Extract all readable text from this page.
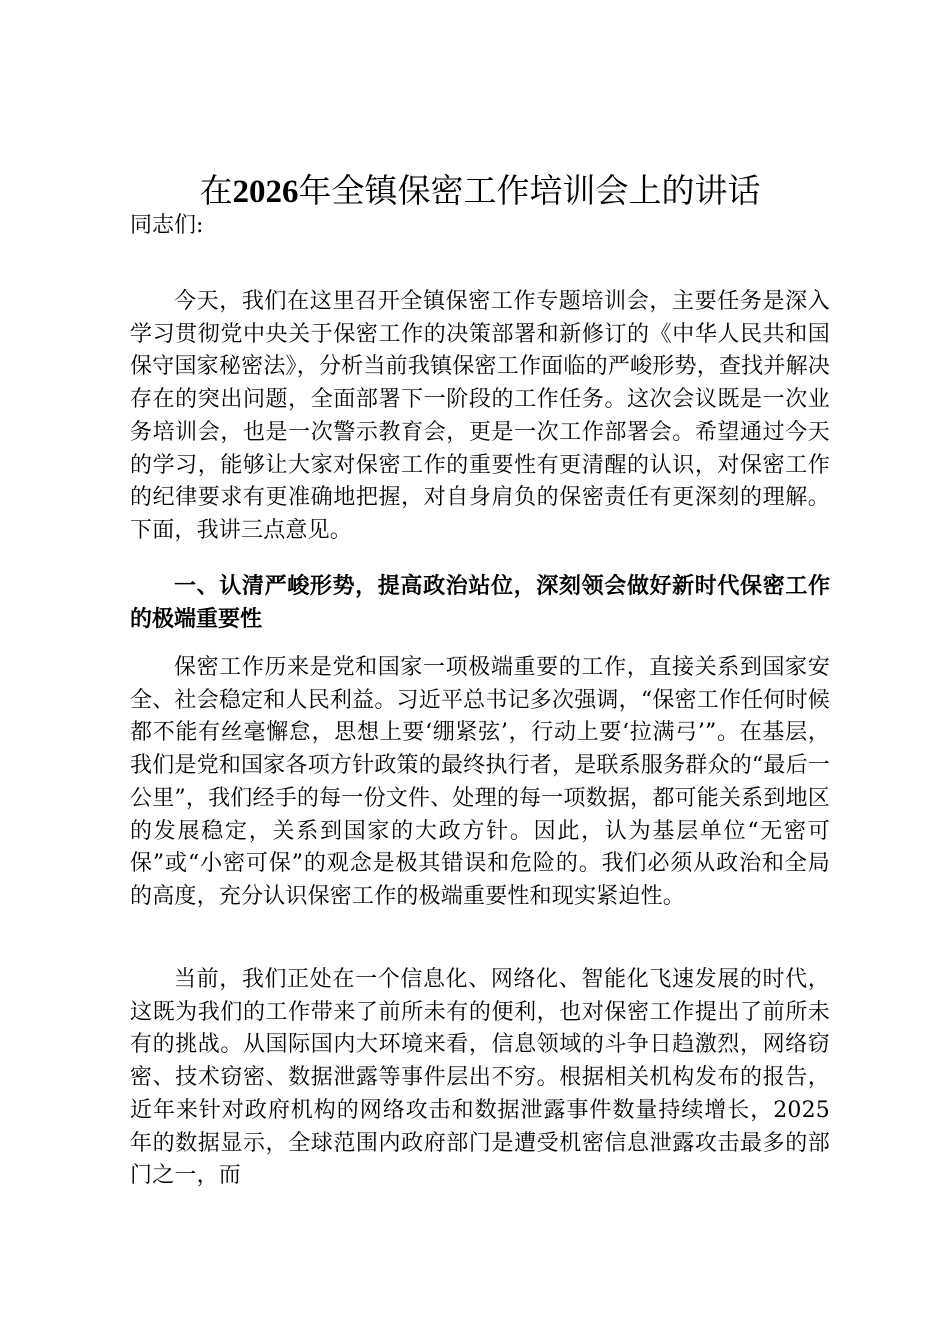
在2026年全镇保密工作培训会上的讲话

同志们:

今天，我们在这里召开全镇保密工作专题培训会，主要任务是深入学习贯彻党中央关于保密工作的决策部署和新修订的《中华人民共和国保守国家秘密法》，分析当前我镇保密工作面临的严峻形势，查找并解决存在的突出问题，全面部署下一阶段的工作任务。这次会议既是一次业务培训会，也是一次警示教育会，更是一次工作部署会。希望通过今天的学习，能够让大家对保密工作的重要性有更清醒的认识，对保密工作的纪律要求有更准确地把握，对自身肩负的保密责任有更深刻的理解。下面，我讲三点意见。

一、认清严峻形势，提高政治站位，深刻领会做好新时代保密工作的极端重要性

保密工作历来是党和国家一项极端重要的工作，直接关系到国家安全、社会稳定和人民利益。习近平总书记多次强调，“保密工作任何时候都不能有丝毫懈怠，思想上要‘绷紧弦’，行动上要‘拉满弓’”。在基层，我们是党和国家各项方针政策的最终执行者，是联系服务群众的“最后一公里”，我们经手的每一份文件、处理的每一项数据，都可能关系到地区的发展稳定，关系到国家的大政方针。因此，认为基层单位“无密可保”或“小密可保”的观念是极其错误和危险的。我们必须从政治和全局的高度，充分认识保密工作的极端重要性和现实紧迫性。

当前，我们正处在一个信息化、网络化、智能化飞速发展的时代，这既为我们的工作带来了前所未有的便利，也对保密工作提出了前所未有的挑战。从国际国内大环境来看，信息领域的斗争日趋激烈，网络窃密、技术窃密、数据泄露等事件层出不穷。根据相关机构发布的报告，近年来针对政府机构的网络攻击和数据泄露事件数量持续增长，2025年的数据显示，全球范围内政府部门是遭受机密信息泄露攻击最多的部门之一，而
